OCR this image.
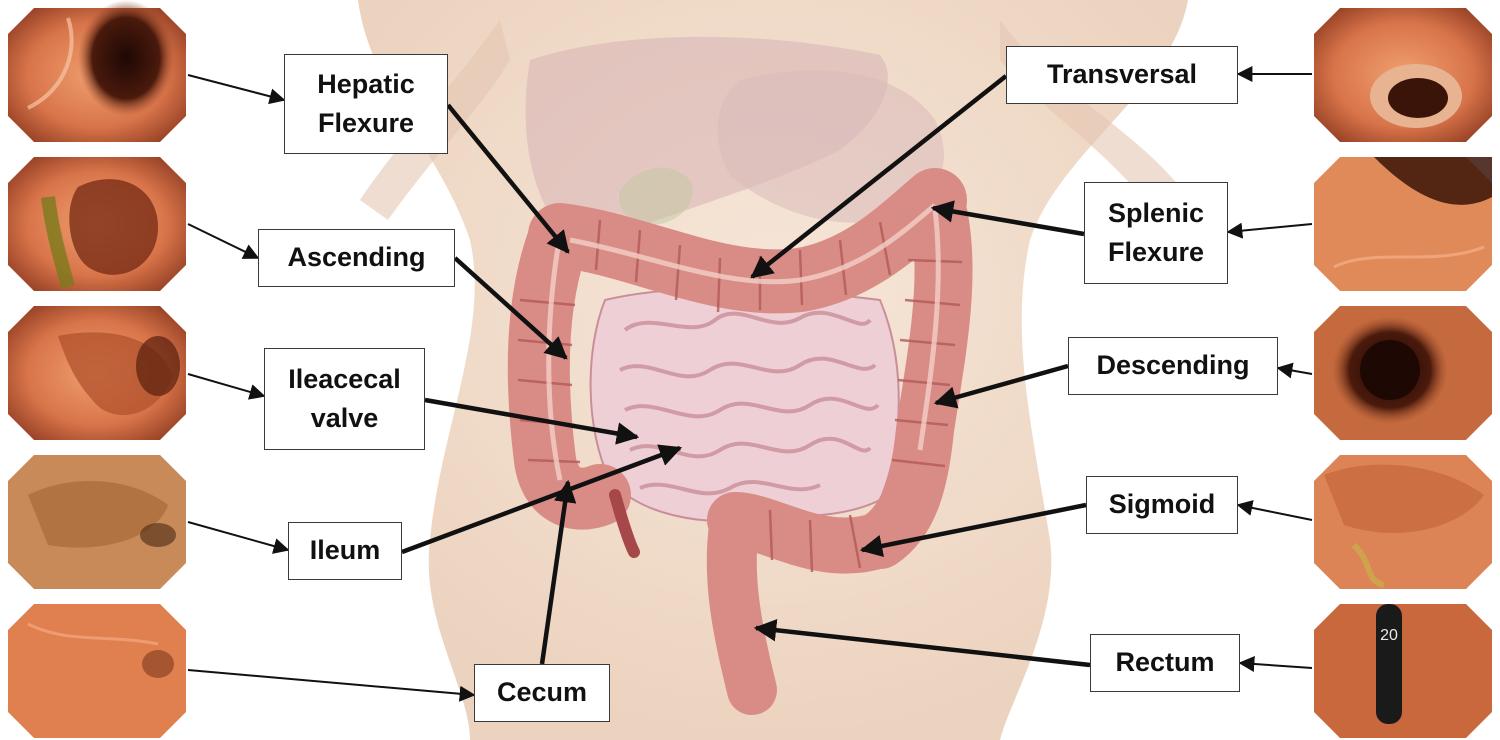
20
Hepatic
Flexure
Ascending
Ileacecal
valve
Ileum
Cecum
Transversal
Splenic
Flexure
Descending
Sigmoid
Rectum
